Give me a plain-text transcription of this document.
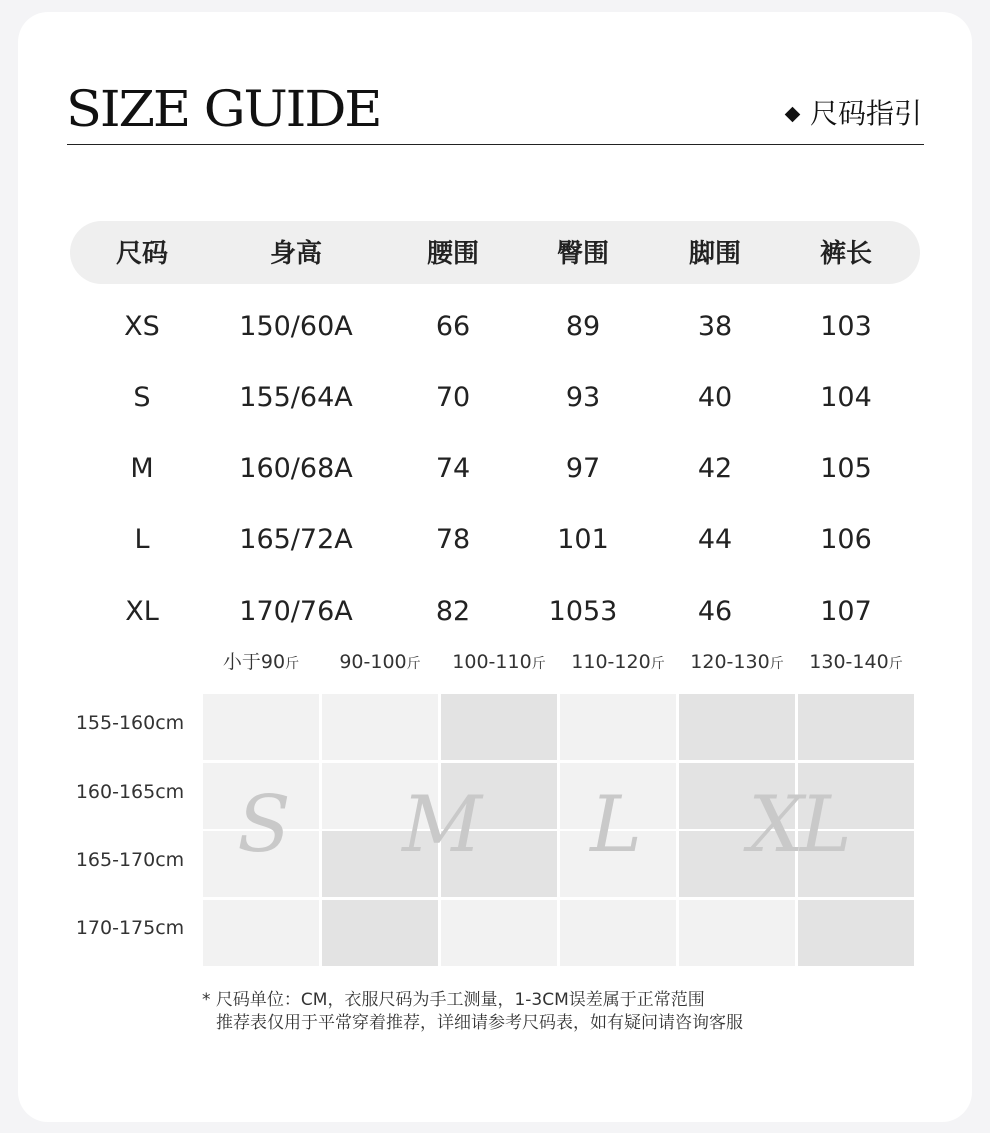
SIZE GUIDE	尺码指引
尺码	身高	腰围	臀围	脚围	裤长
XS	150/60A	66	89	38	103
S	155/64A	70	93	40	104
M	160/68A	74	97	42	105
L	165/72A	78	101	44	106
XL	170/76A	82	1053	46	107
小于90斤	90-100斤	100-110斤	110-120斤	120-130斤	130-140斤
155-160cm
160-165cm
165-170cm
170-175cm
S	M	L	XL
* 尺码单位：CM，衣服尺码为手工测量，1-3CM误差属于正常范围
推荐表仅用于平常穿着推荐，详细请参考尺码表，如有疑问请咨询客服
